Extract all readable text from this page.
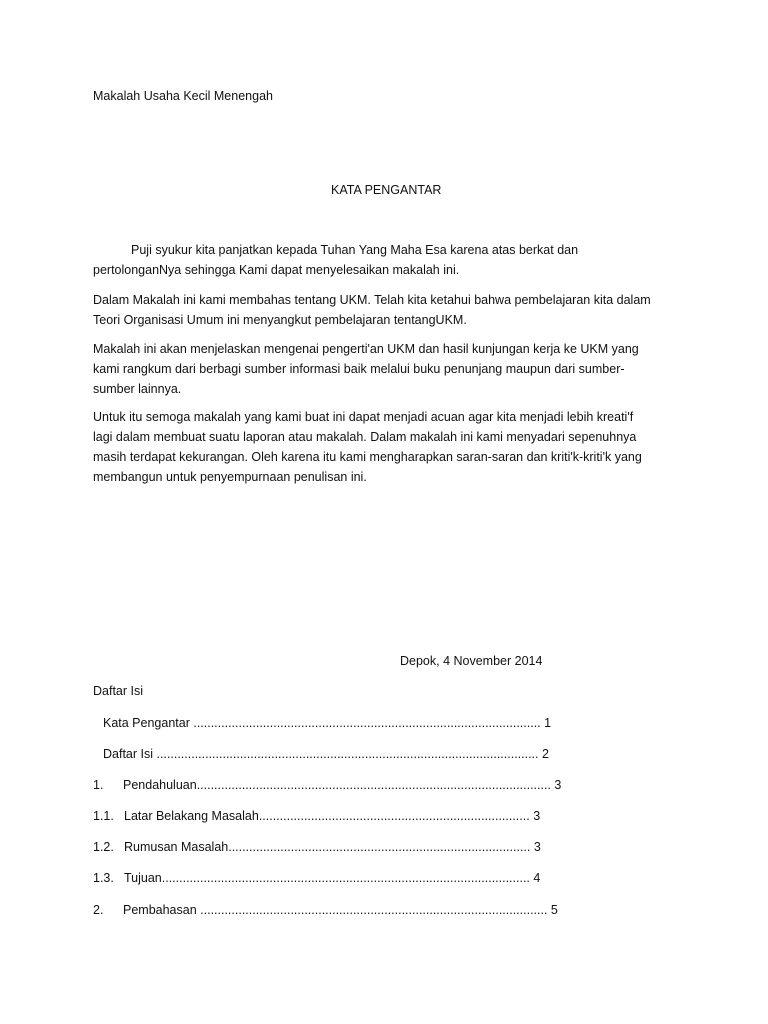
Makalah Usaha Kecil Menengah
KATA PENGANTAR
Puji syukur kita panjatkan kepada Tuhan Yang Maha Esa karena atas berkat dan
pertolonganNya sehingga Kami dapat menyelesaikan makalah ini.
Dalam Makalah ini kami membahas tentang UKM. Telah kita ketahui bahwa pembelajaran kita dalam
Teori Organisasi Umum ini menyangkut pembelajaran tentangUKM.
Makalah ini akan menjelaskan mengenai pengerti'an UKM dan hasil kunjungan kerja ke UKM yang
kami rangkum dari berbagi sumber informasi baik melalui buku penunjang maupun dari sumber-
sumber lainnya.
Untuk itu semoga makalah yang kami buat ini dapat menjadi acuan agar kita menjadi lebih kreati'f
lagi dalam membuat suatu laporan atau makalah. Dalam makalah ini kami menyadari sepenuhnya
masih terdapat kekurangan. Oleh karena itu kami mengharapkan saran-saran dan kriti'k-kriti'k yang
membangun untuk penyempurnaan penulisan ini.
Depok, 4 November 2014
Daftar Isi
Kata Pengantar .................................................................................................... 1
Daftar Isi .............................................................................................................. 2
1. Pendahuluan...................................................................................................... 3
1.1. Latar Belakang Masalah.............................................................................. 3
1.2. Rumusan Masalah....................................................................................... 3
1.3. Tujuan.......................................................................................................... 4
2. Pembahasan .................................................................................................... 5
